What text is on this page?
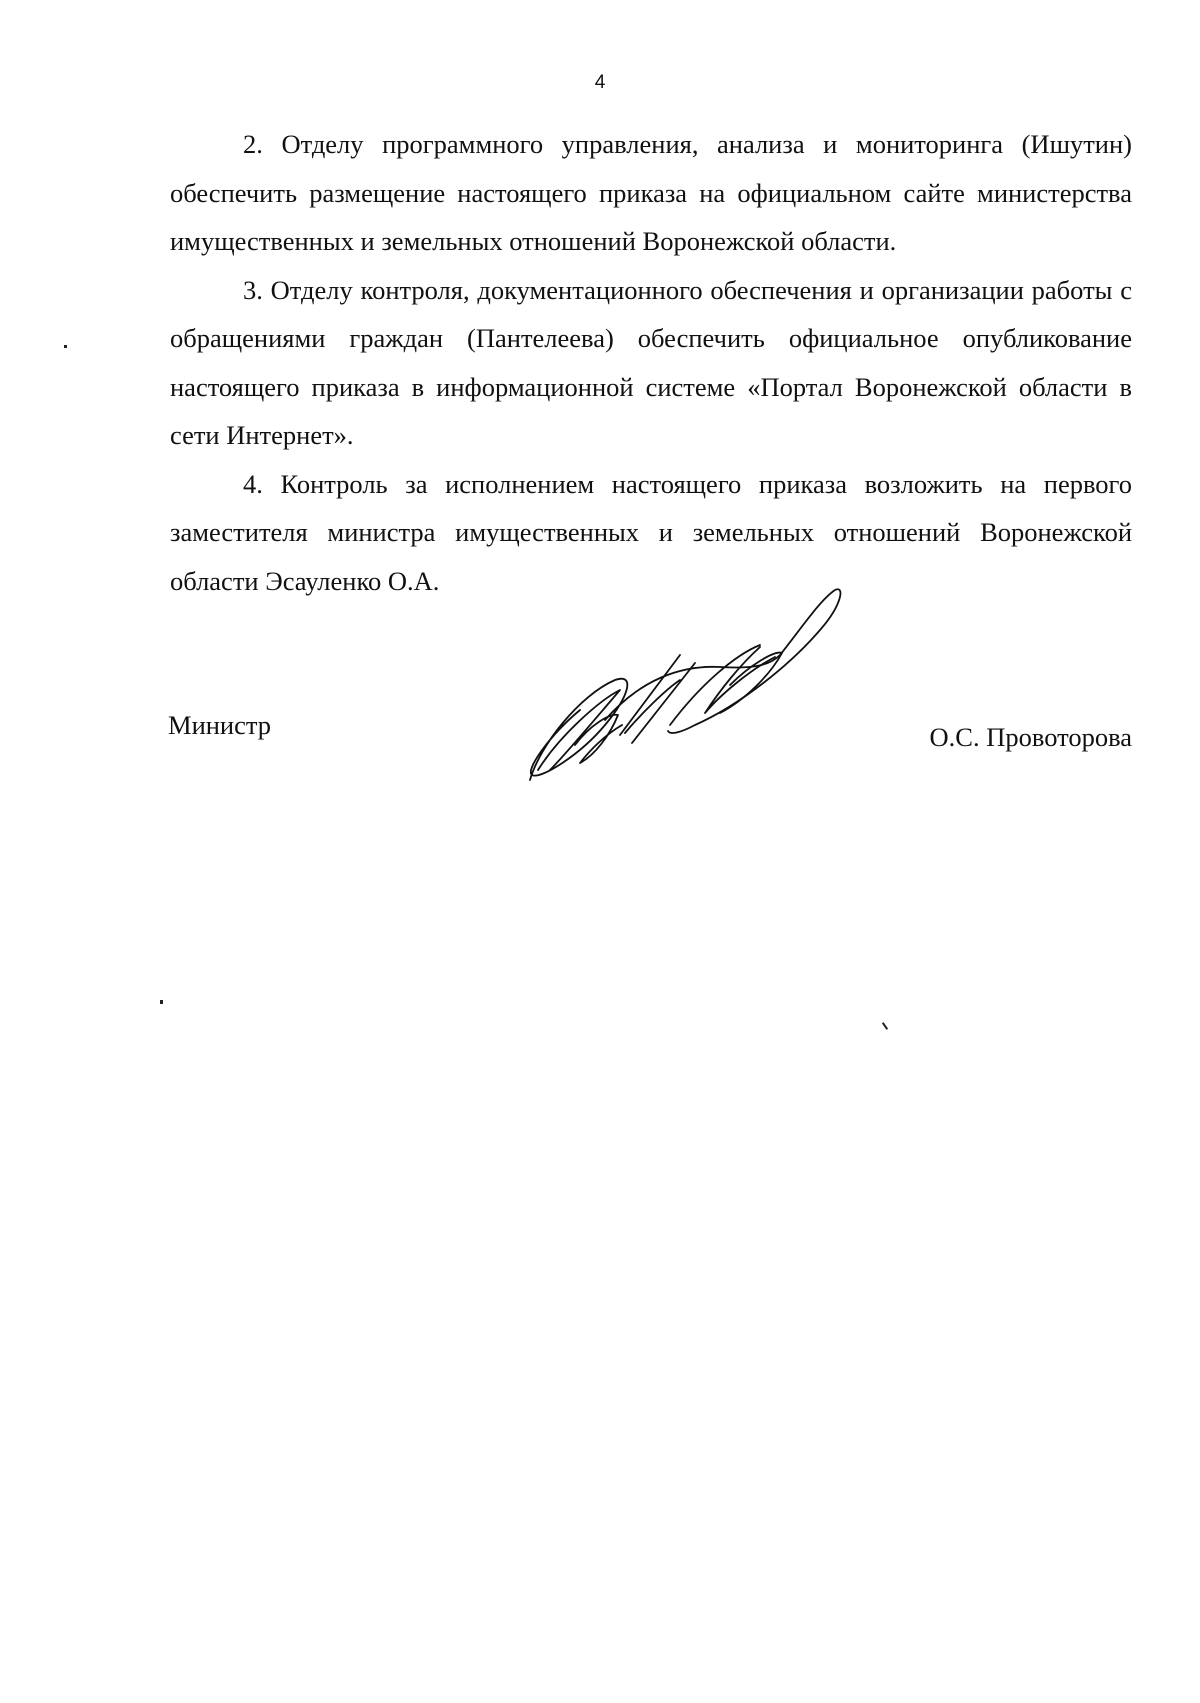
4

2. Отделу программного управления, анализа и мониторинга (Ишутин) обеспечить размещение настоящего приказа на официальном сайте министерства имущественных и земельных отношений Воронежской области.

3. Отделу контроля, документационного обеспечения и организации работы с обращениями граждан (Пантелеева) обеспечить официальное опубликование настоящего приказа в информационной системе «Портал Воронежской области в сети Интернет».

4. Контроль за исполнением настоящего приказа возложить на первого заместителя министра имущественных и земельных отношений Воронежской области Эсауленко О.А.

Министр	О.С. Провоторова
